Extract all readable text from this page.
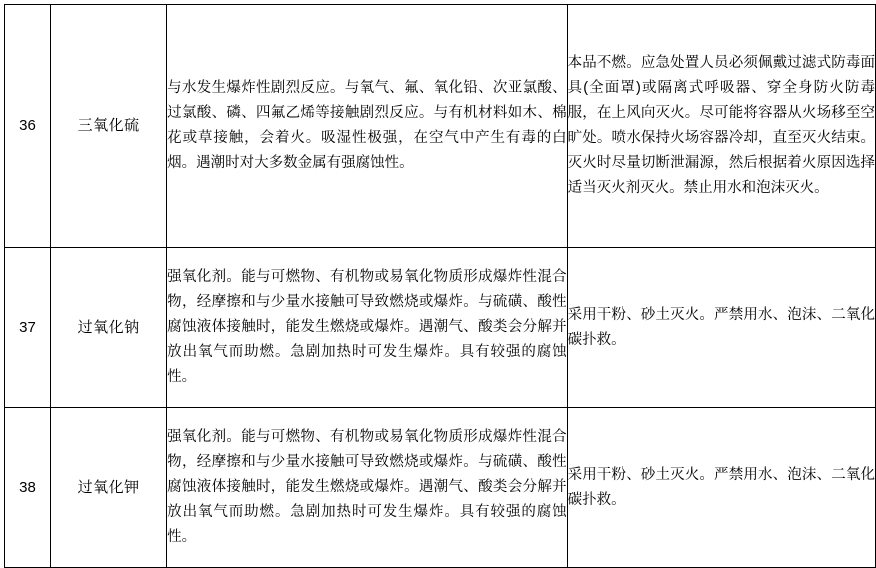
36	三氧化硫	与水发生爆炸性剧烈反应。与氧气、氟、氧化铅、次亚氯酸、过氯酸、磷、四氟乙烯等接触剧烈反应。与有机材料如木、棉花或草接触，会着火。吸湿性极强，在空气中产生有毒的白烟。遇潮时对大多数金属有强腐蚀性。	本品不燃。应急处置人员必须佩戴过滤式防毒面具(全面罩)或隔离式呼吸器、穿全身防火防毒服，在上风向灭火。尽可能将容器从火场移至空旷处。喷水保持火场容器冷却，直至灭火结束。灭火时尽量切断泄漏源，然后根据着火原因选择适当灭火剂灭火。禁止用水和泡沫灭火。
37	过氧化钠	强氧化剂。能与可燃物、有机物或易氧化物质形成爆炸性混合物，经摩擦和与少量水接触可导致燃烧或爆炸。与硫磺、酸性腐蚀液体接触时，能发生燃烧或爆炸。遇潮气、酸类会分解并放出氧气而助燃。急剧加热时可发生爆炸。具有较强的腐蚀性。	采用干粉、砂土灭火。严禁用水、泡沫、二氧化碳扑救。
38	过氧化钾	强氧化剂。能与可燃物、有机物或易氧化物质形成爆炸性混合物，经摩擦和与少量水接触可导致燃烧或爆炸。与硫磺、酸性腐蚀液体接触时，能发生燃烧或爆炸。遇潮气、酸类会分解并放出氧气而助燃。急剧加热时可发生爆炸。具有较强的腐蚀性。	采用干粉、砂土灭火。严禁用水、泡沫、二氧化碳扑救。
